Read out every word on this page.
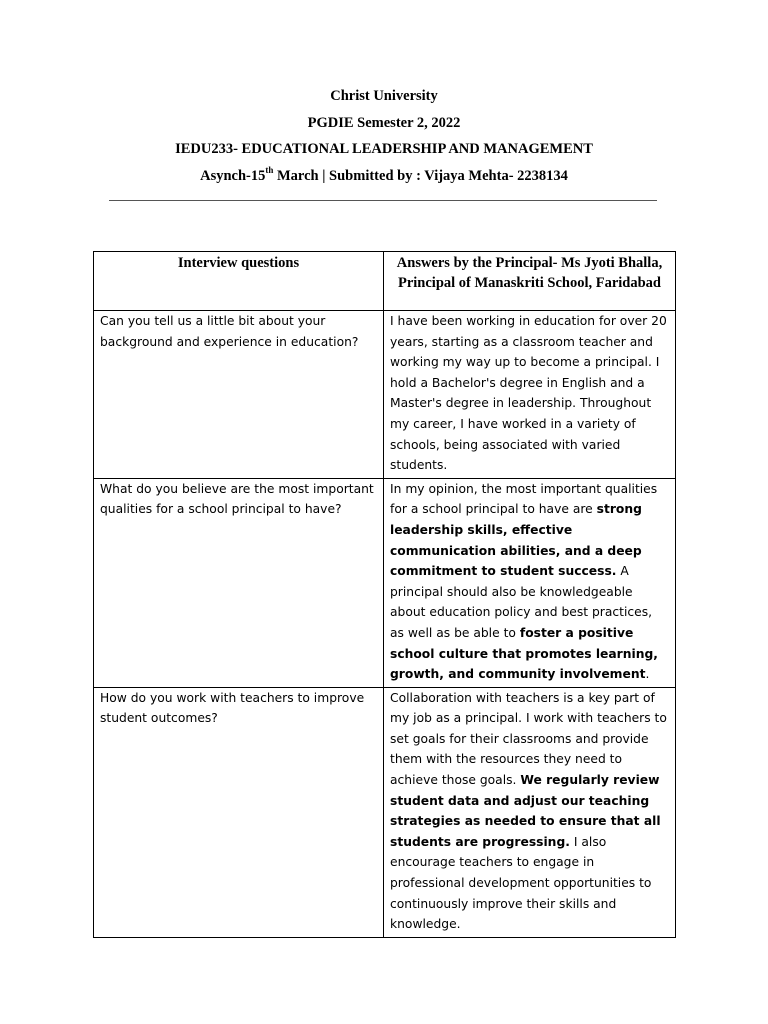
Christ University
PGDIE Semester 2, 2022
IEDU233- EDUCATIONAL LEADERSHIP AND MANAGEMENT
Asynch-15th March | Submitted by : Vijaya Mehta- 2238134
Interview questions	Answers by the Principal- Ms Jyoti Bhalla, Principal of Manaskriti School, Faridabad
Can you tell us a little bit about your background and experience in education?	I have been working in education for over 20 years, starting as a classroom teacher and working my way up to become a principal. I hold a Bachelor's degree in English and a Master's degree in leadership. Throughout my career, I have worked in a variety of schools, being associated with varied students.
What do you believe are the most important qualities for a school principal to have?	In my opinion, the most important qualities for a school principal to have are strong leadership skills, effective communication abilities, and a deep commitment to student success. A principal should also be knowledgeable about education policy and best practices, as well as be able to foster a positive school culture that promotes learning, growth, and community involvement.
How do you work with teachers to improve student outcomes?	Collaboration with teachers is a key part of my job as a principal. I work with teachers to set goals for their classrooms and provide them with the resources they need to achieve those goals. We regularly review student data and adjust our teaching strategies as needed to ensure that all students are progressing. I also encourage teachers to engage in professional development opportunities to continuously improve their skills and knowledge.
